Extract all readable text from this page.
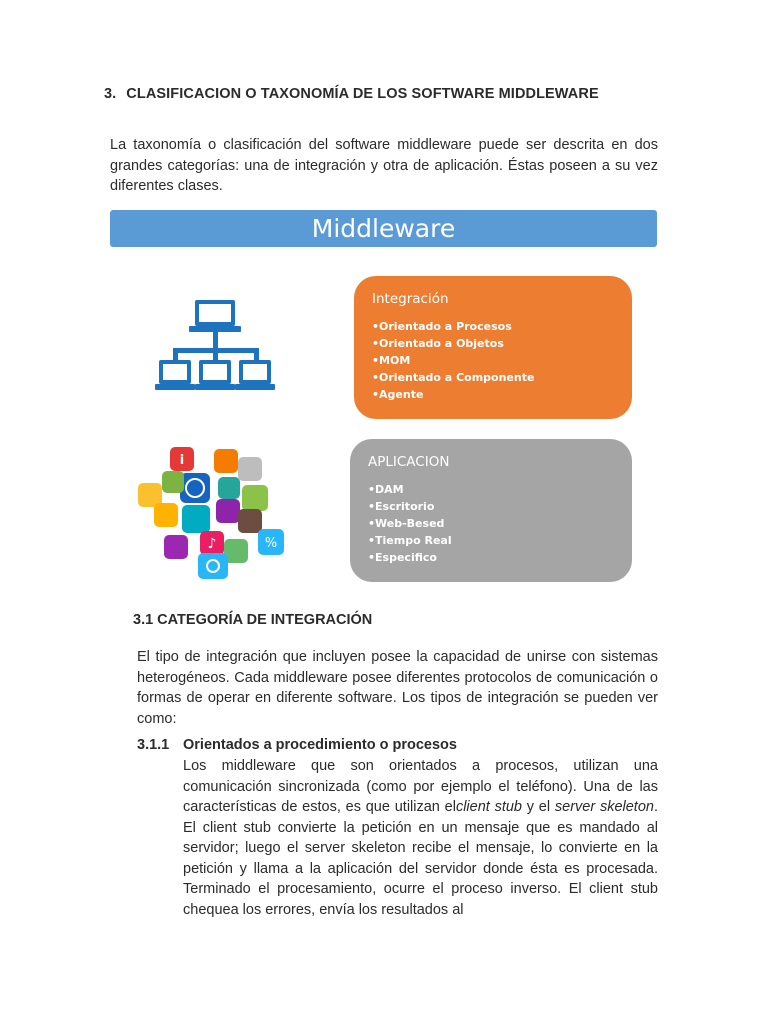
3. CLASIFICACION O TAXONOMÍA DE LOS SOFTWARE MIDDLEWARE

La taxonomía o clasificación del software middleware puede ser descrita en dos grandes categorías: una de integración y otra de aplicación. Éstas poseen a su vez diferentes clases.

Middleware
Integración
• Orientado a Procesos
• Orientado a Objetos
• MOM
• Orientado a Componente
• Agente
i
♪	%
APLICACION
• DAM
• Escritorio
• Web-Besed
• Tiempo Real
• Especifico
3.1 CATEGORÍA DE INTEGRACIÓN

El tipo de integración que incluyen posee la capacidad de unirse con sistemas heterogéneos. Cada middleware posee diferentes protocolos de comunicación o formas de operar en diferente software. Los tipos de integración se pueden ver como:

3.1.1 Orientados a procedimiento o procesos

Los middleware que son orientados a procesos, utilizan una comunicación sincronizada (como por ejemplo el teléfono). Una de las características de estos, es que utilizan elclient stub y el server skeleton. El client stub convierte la petición en un mensaje que es mandado al servidor; luego el server skeleton recibe el mensaje, lo convierte en la petición y llama a la aplicación del servidor donde ésta es procesada. Terminado el procesamiento, ocurre el proceso inverso. El client stub chequea los errores, envía los resultados al
